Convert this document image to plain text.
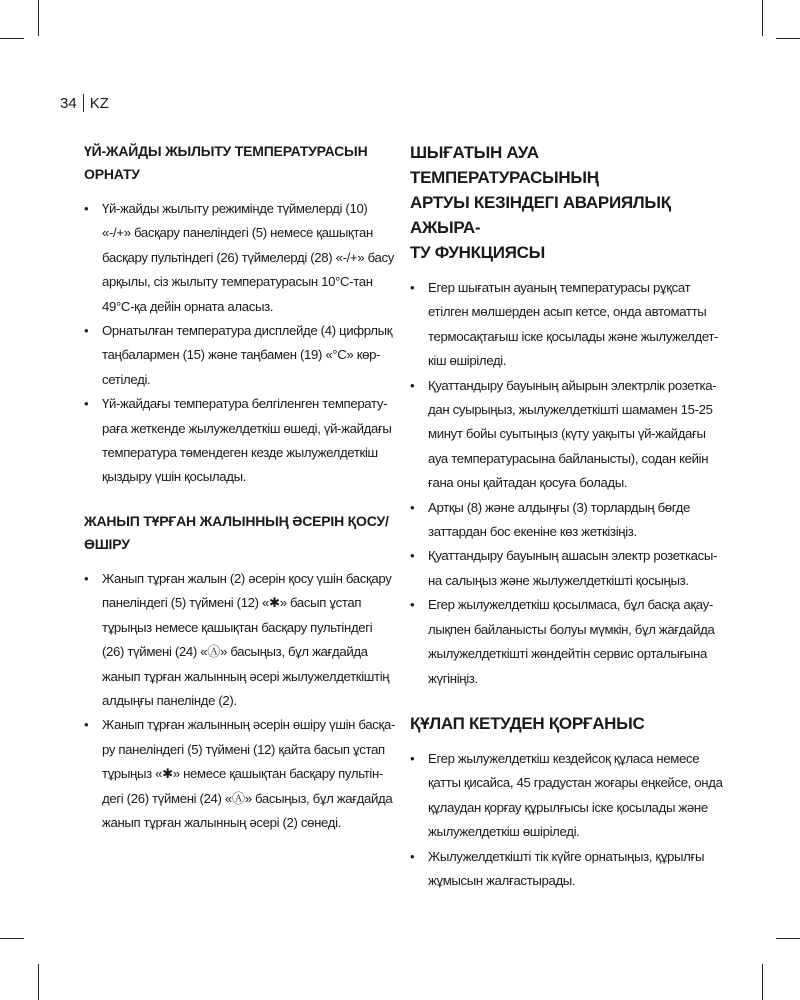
34 KZ
ҮЙ-ЖАЙДЫ ЖЫЛЫТУ ТЕМПЕРАТУРАСЫН
ОРНАТУ
• Үй-жайды жылыту режимінде түймелерді (10)
«-/+» басқару панеліндегі (5) немесе қашықтан
басқару пультіндегі (26) түймелерді (28) «-/+» басу
арқылы, сіз жылыту температурасын 10°C-тан
49°C-қа дейін орната аласыз.
• Орнатылған температура дисплейде (4) цифрлық
таңбалармен (15) және таңбамен (19) «°C» көр-
сетіледі.
• Үй-жайдағы температура белгіленген температу-
раға жеткенде жылужелдеткіш өшеді, үй-жайдағы
температура төмендеген кезде жылужелдеткіш
қыздыру үшін қосылады.
ЖАНЫП ТҰРҒАН ЖАЛЫННЫҢ ӘСЕРІН ҚОСУ/
ӨШІРУ
• Жанып тұрған жалын (2) әсерін қосу үшін басқару
панеліндегі (5) түймені (12) «✱» басып ұстап
тұрыңыз немесе қашықтан басқару пультіндегі
(26) түймені (24) «Ⓐ» басыңыз, бұл жағдайда
жанып тұрған жалынның әсері жылужелдеткіштің
алдыңғы панелінде (2).
• Жанып тұрған жалынның әсерін өшіру үшін басқа-
ру панеліндегі (5) түймені (12) қайта басып ұстап
тұрыңыз «✱» немесе қашықтан басқару пультін-
дегі (26) түймені (24) «Ⓐ» басыңыз, бұл жағдайда
жанып тұрған жалынның әсері (2) сөнеді.
ШЫҒАТЫН АУА ТЕМПЕРАТУРАСЫНЫҢ
АРТУЫ КЕЗІНДЕГІ АВАРИЯЛЫҚ АЖЫРА-
ТУ ФУНКЦИЯСЫ
• Егер шығатын ауаның температурасы рұқсат
етілген мөлшерден асып кетсе, онда автоматты
термосақтағыш іске қосылады және жылужелдет-
кіш өшіріледі.
• Қуаттандыру бауының айырын электрлік розетка-
дан суырыңыз, жылужелдеткішті шамамен 15-25
минут бойы суытыңыз (күту уақыты үй-жайдағы
ауа температурасына байланысты), содан кейін
ғана оны қайтадан қосуға болады.
• Артқы (8) және алдыңғы (3) торлардың бөгде
заттардан бос екеніне көз жеткізіңіз.
• Қуаттандыру бауының ашасын электр розеткасы-
на салыңыз және жылужелдеткішті қосыңыз.
• Егер жылужелдеткіш қосылмаса, бұл басқа ақау-
лықпен байланысты болуы мүмкін, бұл жағдайда
жылужелдеткішті жөндейтін сервис орталығына
жүгініңіз.
ҚҰЛАП КЕТУДЕН ҚОРҒАНЫС
• Егер жылужелдеткіш кездейсоқ құласа немесе
қатты қисайса, 45 градустан жоғары еңкейсе, онда
құлаудан қорғау құрылғысы іске қосылады және
жылужелдеткіш өшіріледі.
• Жылужелдеткішті тік күйге орнатыңыз, құрылғы
жұмысын жалғастырады.
